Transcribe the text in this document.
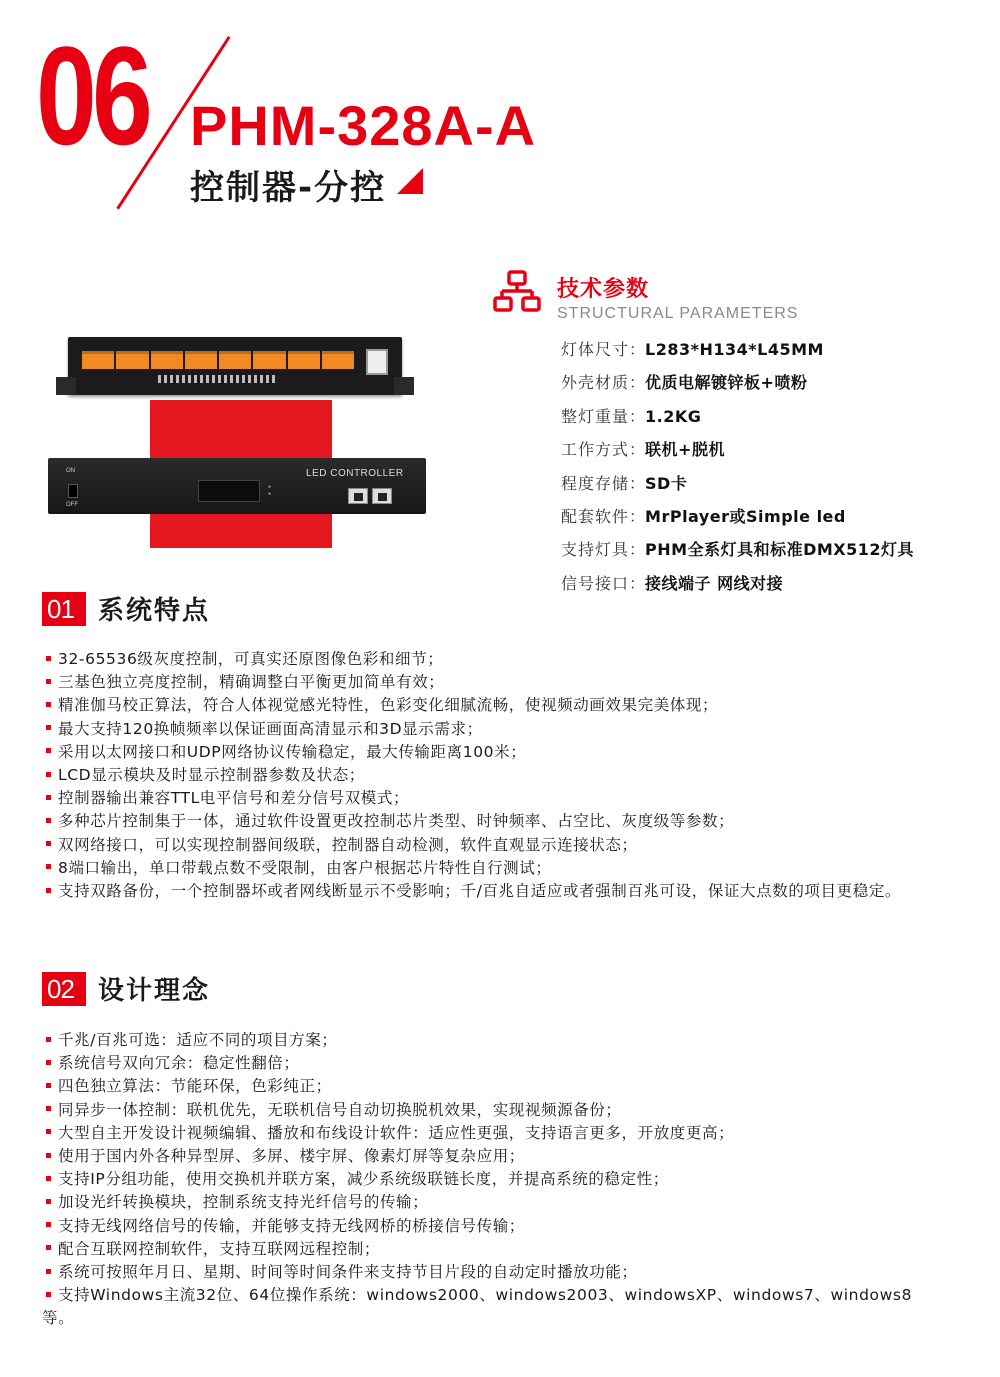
06 PHM-328A-A
控制器-分控
ON
OFF
●
●
LED CONTROLLER
技术参数
STRUCTURAL PARAMETERS
灯体尺寸：L283*H134*L45MM
外壳材质：优质电解镀锌板+喷粉
整灯重量：1.2KG
工作方式：联机+脱机
程度存储：SD卡
配套软件：MrPlayer或Simple led
支持灯具：PHM全系灯具和标准DMX512灯具
信号接口：接线端子 网线对接
01 系统特点
32-65536级灰度控制，可真实还原图像色彩和细节；
三基色独立亮度控制，精确调整白平衡更加简单有效；
精准伽马校正算法，符合人体视觉感光特性，色彩变化细腻流畅，使视频动画效果完美体现；
最大支持120换帧频率以保证画面高清显示和3D显示需求；
采用以太网接口和UDP网络协议传输稳定，最大传输距离100米；
LCD显示模块及时显示控制器参数及状态；
控制器输出兼容TTL电平信号和差分信号双模式；
多种芯片控制集于一体，通过软件设置更改控制芯片类型、时钟频率、占空比、灰度级等参数；
双网络接口，可以实现控制器间级联，控制器自动检测，软件直观显示连接状态；
8端口输出，单口带载点数不受限制，由客户根据芯片特性自行测试；
支持双路备份，一个控制器坏或者网线断显示不受影响；千/百兆自适应或者强制百兆可设，保证大点数的项目更稳定。
02 设计理念
千兆/百兆可选：适应不同的项目方案；
系统信号双向冗余：稳定性翻倍；
四色独立算法：节能环保，色彩纯正；
同异步一体控制：联机优先，无联机信号自动切换脱机效果，实现视频源备份；
大型自主开发设计视频编辑、播放和布线设计软件：适应性更强，支持语言更多，开放度更高；
使用于国内外各种异型屏、多屏、楼宇屏、像素灯屏等复杂应用；
支持IP分组功能，使用交换机并联方案，减少系统级联链长度，并提高系统的稳定性；
加设光纤转换模块，控制系统支持光纤信号的传输；
支持无线网络信号的传输，并能够支持无线网桥的桥接信号传输；
配合互联网控制软件，支持互联网远程控制；
系统可按照年月日、星期、时间等时间条件来支持节目片段的自动定时播放功能；
支持Windows主流32位、64位操作系统：windows2000、windows2003、windowsXP、windows7、windows8等。
